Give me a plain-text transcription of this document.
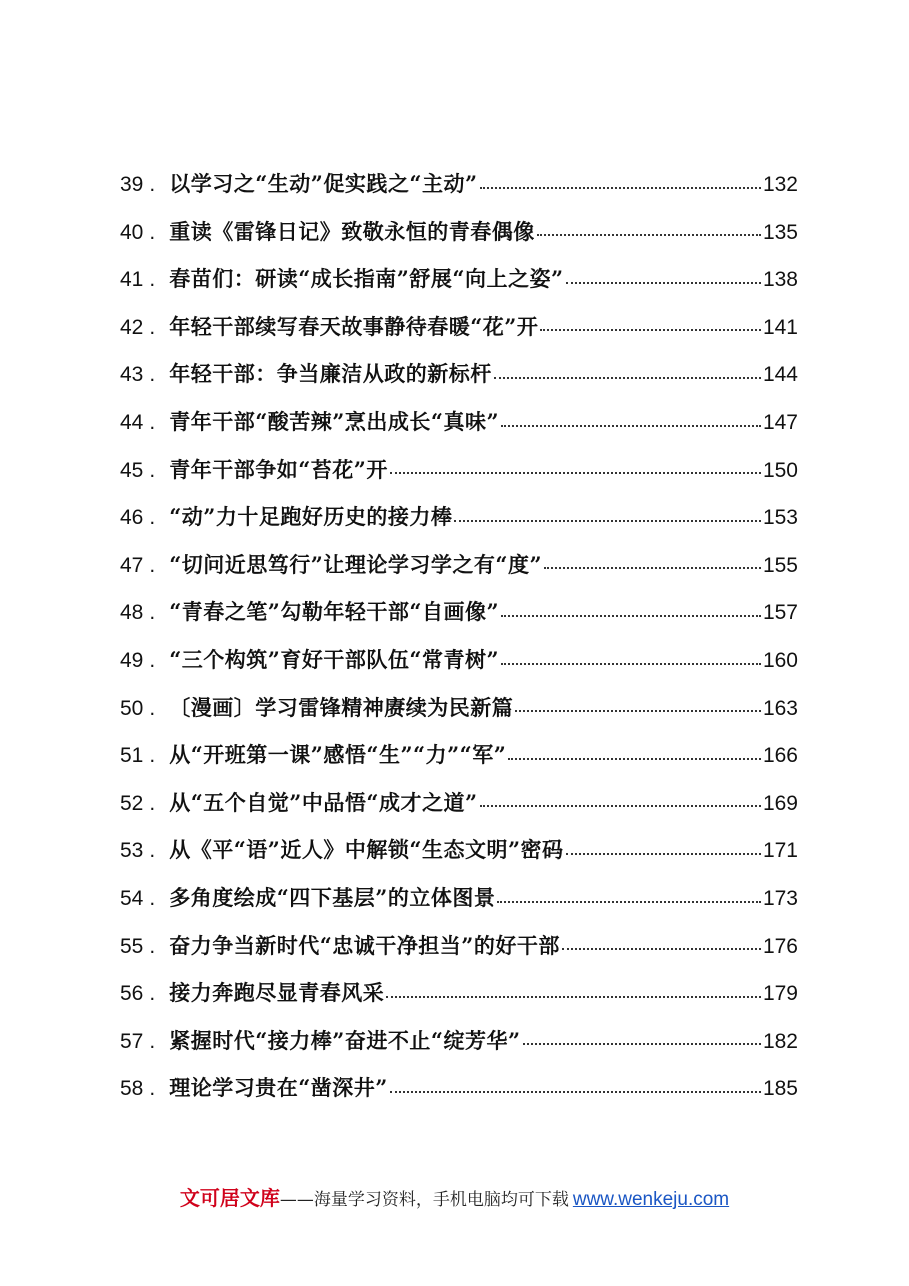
39 . 以学习之“生动”促实践之“主动”	132
40 . 重读《雷锋日记》致敬永恒的青春偶像	135
41 . 春苗们：研读“成长指南”舒展“向上之姿”	138
42 . 年轻干部续写春天故事静待春暖“花”开	141
43 . 年轻干部：争当廉洁从政的新标杆	144
44 . 青年干部“酸苦辣”烹出成长“真味”	147
45 . 青年干部争如“苔花”开	150
46 . “动”力十足跑好历史的接力棒	153
47 . “切问近思笃行”让理论学习学之有“度”	155
48 . “青春之笔”勾勒年轻干部“自画像”	157
49 . “三个构筑”育好干部队伍“常青树”	160
50 . 〔漫画〕学习雷锋精神赓续为民新篇	163
51 . 从“开班第一课”感悟“生”“力”“军”	166
52 . 从“五个自觉”中品悟“成才之道”	169
53 . 从《平“语”近人》中解锁“生态文明”密码	171
54 . 多角度绘成“四下基层”的立体图景	173
55 . 奋力争当新时代“忠诚干净担当”的好干部	176
56 . 接力奔跑尽显青春风采	179
57 . 紧握时代“接力棒”奋进不止“绽芳华”	182
58 . 理论学习贵在“凿深井”	185
文可居文库——海量学习资料，手机电脑均可下载 www.wenkeju.com
